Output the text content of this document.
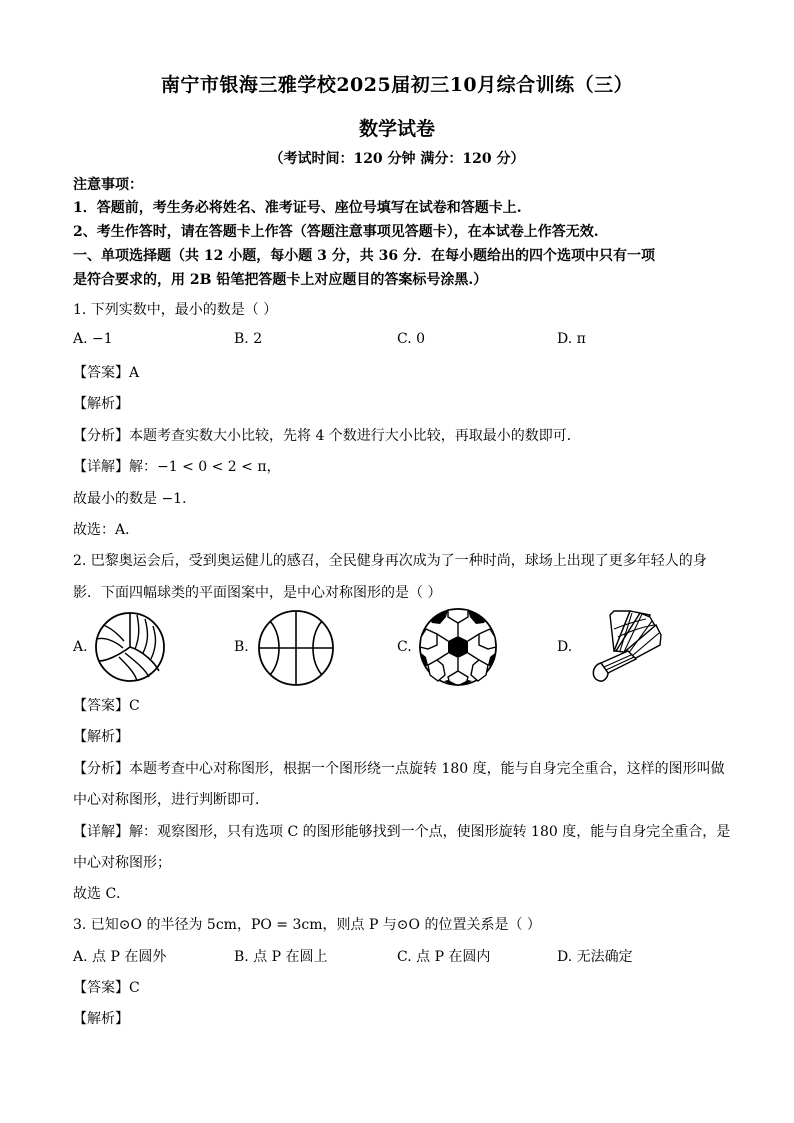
南宁市银海三雅学校2025届初三10月综合训练（三）
数学试卷
（考试时间：120 分钟 满分：120 分）
注意事项：
1．答题前，考生务必将姓名、准考证号、座位号填写在试卷和答题卡上.
2、考生作答时，请在答题卡上作答（答题注意事项见答题卡），在本试卷上作答无效.
一、单项选择题（共 12 小题，每小题 3 分，共 36 分．在每小题给出的四个选项中只有一项
是符合要求的，用 2B 铅笔把答题卡上对应题目的答案标号涂黑.）
1. 下列实数中，最小的数是（ ）
A. −1	B. 2	C. 0	D. π
【答案】A
【解析】
【分析】本题考查实数大小比较，先将 4 个数进行大小比较，再取最小的数即可．
【详解】解：−1 < 0 < 2 < π，
故最小的数是 −1．
故选：A．
2. 巴黎奥运会后，受到奥运健儿的感召，全民健身再次成为了一种时尚，球场上出现了更多年轻人的身
影．下面四幅球类的平面图案中，是中心对称图形的是（ ）
A.	B.	C.	D.
【答案】C
【解析】
【分析】本题考查中心对称图形，根据一个图形绕一点旋转 180 度，能与自身完全重合，这样的图形叫做
中心对称图形，进行判断即可．
【详解】解：观察图形，只有选项 C 的图形能够找到一个点，使图形旋转 180 度，能与自身完全重合，是
中心对称图形；
故选 C．
3. 已知⊙O 的半径为 5cm，PO = 3cm，则点 P 与⊙O 的位置关系是（ ）
A. 点 P 在圆外	B. 点 P 在圆上	C. 点 P 在圆内	D. 无法确定
【答案】C
【解析】
